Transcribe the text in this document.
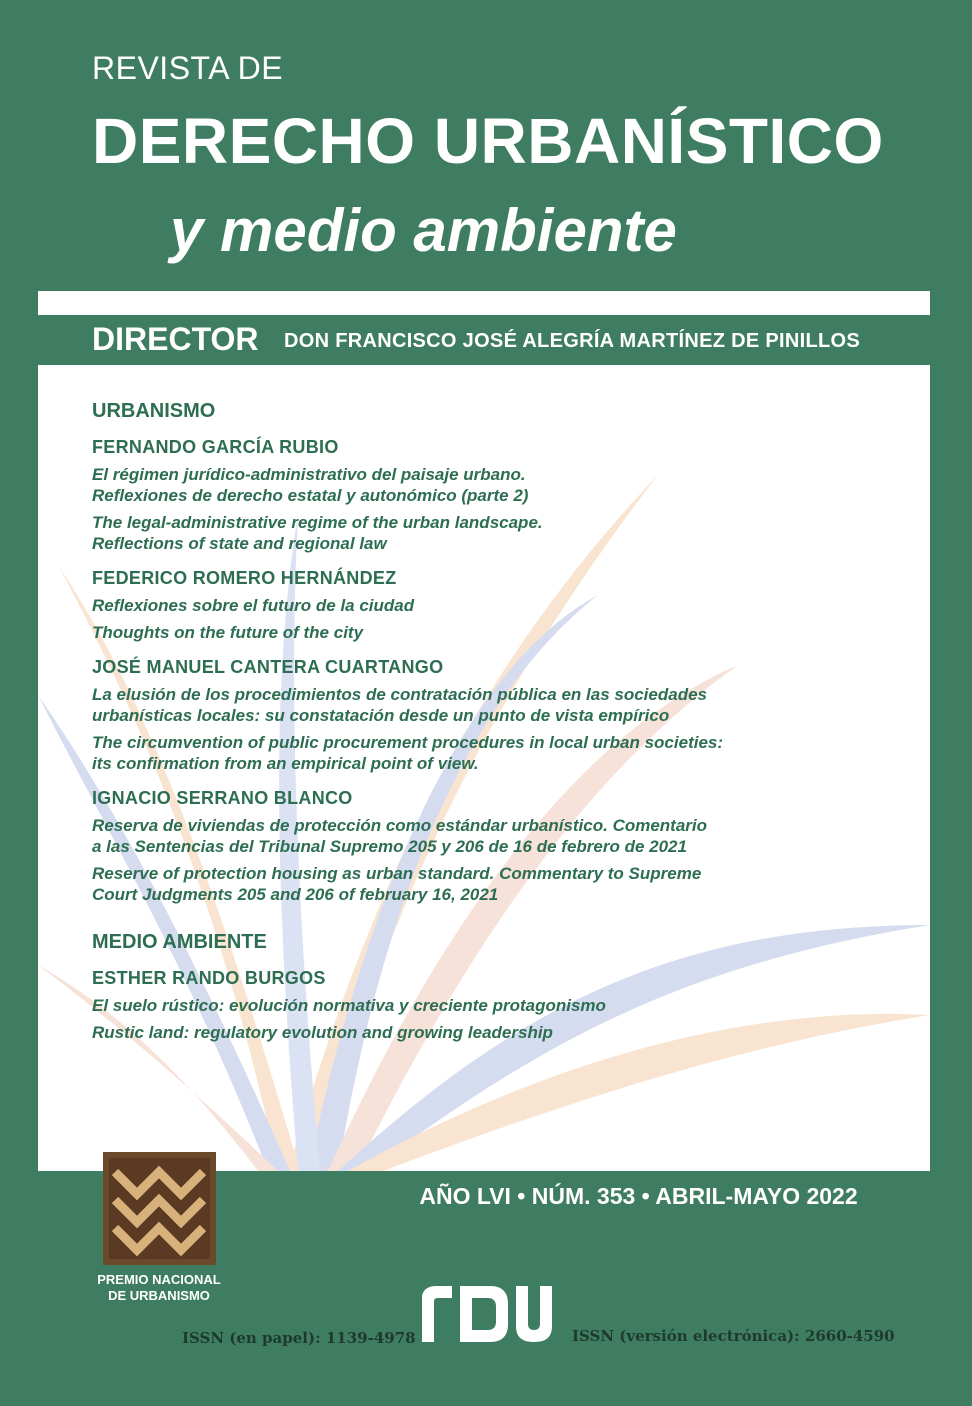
REVISTA DE
DERECHO URBANÍSTICO
y medio ambiente
DIRECTOR DON FRANCISCO JOSÉ ALEGRÍA MARTÍNEZ DE PINILLOS
URBANISMO
FERNANDO GARCÍA RUBIO
El régimen jurídico-administrativo del paisaje urbano.
Reflexiones de derecho estatal y autonómico (parte 2)
The legal-administrative regime of the urban landscape.
Reflections of state and regional law
FEDERICO ROMERO HERNÁNDEZ
Reflexiones sobre el futuro de la ciudad
Thoughts on the future of the city
JOSÉ MANUEL CANTERA CUARTANGO
La elusión de los procedimientos de contratación pública en las sociedades
urbanísticas locales: su constatación desde un punto de vista empírico
The circumvention of public procurement procedures in local urban societies:
its confirmation from an empirical point of view.
IGNACIO SERRANO BLANCO
Reserva de viviendas de protección como estándar urbanístico. Comentario
a las Sentencias del Tribunal Supremo 205 y 206 de 16 de febrero de 2021
Reserve of protection housing as urban standard. Commentary to Supreme
Court Judgments 205 and 206 of february 16, 2021
MEDIO AMBIENTE
ESTHER RANDO BURGOS
El suelo rústico: evolución normativa y creciente protagonismo
Rustic land: regulatory evolution and growing leadership
AÑO LVI • NÚM. 353 • ABRIL-MAYO 2022
PREMIO NACIONAL
DE URBANISMO
ISSN (en papel): 1139-4978	ISSN (versión electrónica): 2660-4590
